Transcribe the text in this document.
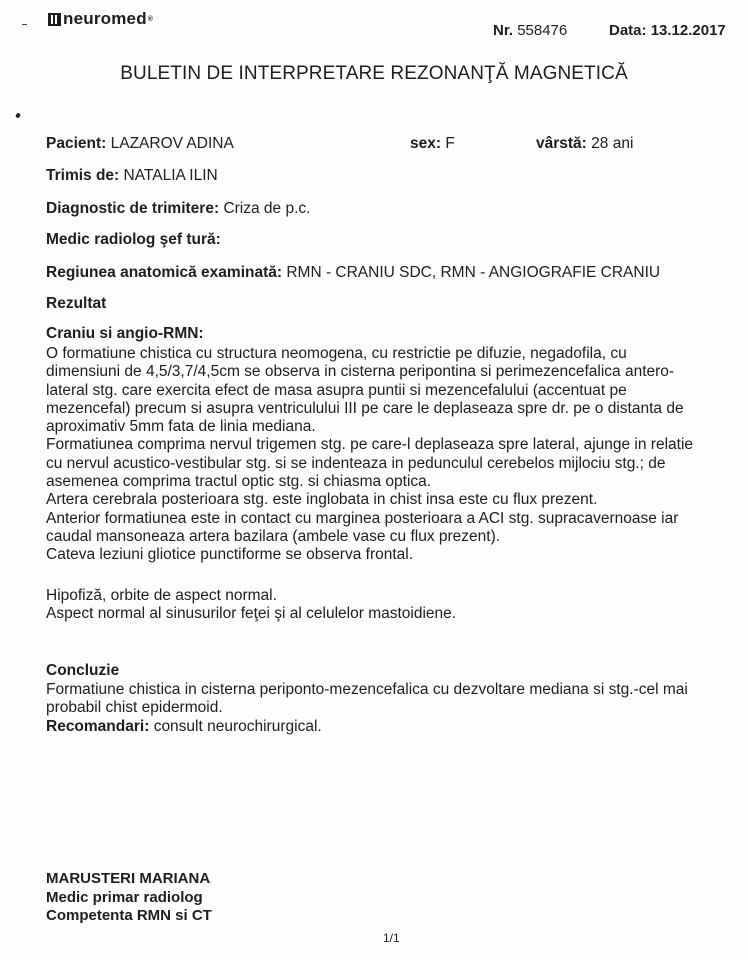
neuromed ®
Nr. 558476	Data: 13.12.2017
BULETIN DE INTERPRETARE REZONANŢĂ MAGNETICĂ
Pacient: LAZAROV ADINA	sex: F	vârstă: 28 ani
Trimis de: NATALIA ILIN
Diagnostic de trimitere: Criza de p.c.
Medic radiolog şef tură:
Regiunea anatomică examinată: RMN - CRANIU SDC, RMN - ANGIOGRAFIE CRANIU
Rezultat
Craniu si angio-RMN:

O formatiune chistica cu structura neomogena, cu restrictie pe difuzie, negadofila, cu

dimensiuni de 4,5/3,7/4,5cm se observa in cisterna peripontina si perimezencefalica antero-

lateral stg. care exercita efect de masa asupra puntii si mezencefalului (accentuat pe

mezencefal) precum si asupra ventriculului III pe care le deplaseaza spre dr. pe o distanta de

aproximativ 5mm fata de linia mediana.

Formatiunea comprima nervul trigemen stg. pe care-l deplaseaza spre lateral, ajunge in relatie

cu nervul acustico-vestibular stg. si se indenteaza in pedunculul cerebelos mijlociu stg.; de

asemenea comprima tractul optic stg. si chiasma optica.

Artera cerebrala posterioara stg. este inglobata in chist insa este cu flux prezent.

Anterior formatiunea este in contact cu marginea posterioara a ACI stg. supracavernoase iar

caudal mansoneaza artera bazilara (ambele vase cu flux prezent).

Cateva leziuni gliotice punctiforme se observa frontal.

Hipofiză, orbite de aspect normal.

Aspect normal al sinusurilor feţei şi al celulelor mastoidiene.

Concluzie

Formatiune chistica in cisterna periponto-mezencefalica cu dezvoltare mediana si stg.-cel mai

probabil chist epidermoid.

Recomandari: consult neurochirurgical.

MARUSTERI MARIANA
Medic primar radiolog
Competenta RMN si CT
1/1
